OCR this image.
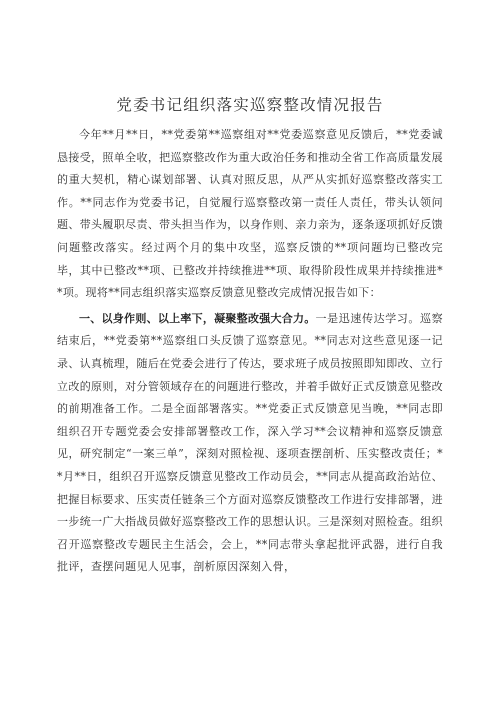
党委书记组织落实巡察整改情况报告

今年**月**日，**党委第**巡察组对**党委巡察意见反馈后，**党委诚恳接受，照单全收，把巡察整改作为重大政治任务和推动全省工作高质量发展的重大契机，精心谋划部署、认真对照反思，从严从实抓好巡察整改落实工作。**同志作为党委书记，自觉履行巡察整改第一责任人责任，带头认领问题、带头履职尽责、带头担当作为，以身作则、亲力亲为，逐条逐项抓好反馈问题整改落实。经过两个月的集中攻坚，巡察反馈的**项问题均已整改完毕，其中已整改**项、已整改并持续推进**项、取得阶段性成果并持续推进**项。现将**同志组织落实巡察反馈意见整改完成情况报告如下：

一、以身作则、以上率下，凝聚整改强大合力。一是迅速传达学习。巡察结束后，**党委第**巡察组口头反馈了巡察意见。**同志对这些意见逐一记录、认真梳理，随后在党委会进行了传达，要求班子成员按照即知即改、立行立改的原则，对分管领域存在的问题进行整改，并着手做好正式反馈意见整改的前期准备工作。二是全面部署落实。**党委正式反馈意见当晚，**同志即组织召开专题党委会安排部署整改工作，深入学习**会议精神和巡察反馈意见，研究制定“一案三单”，深刻对照检视、逐项查摆剖析、压实整改责任；**月**日，组织召开巡察反馈意见整改工作动员会，**同志从提高政治站位、把握目标要求、压实责任链条三个方面对巡察反馈整改工作进行安排部署，进一步统一广大指战员做好巡察整改工作的思想认识。三是深刻对照检查。组织召开巡察整改专题民主生活会，会上，**同志带头拿起批评武器，进行自我批评，查摆问题见人见事，剖析原因深刻入骨，
